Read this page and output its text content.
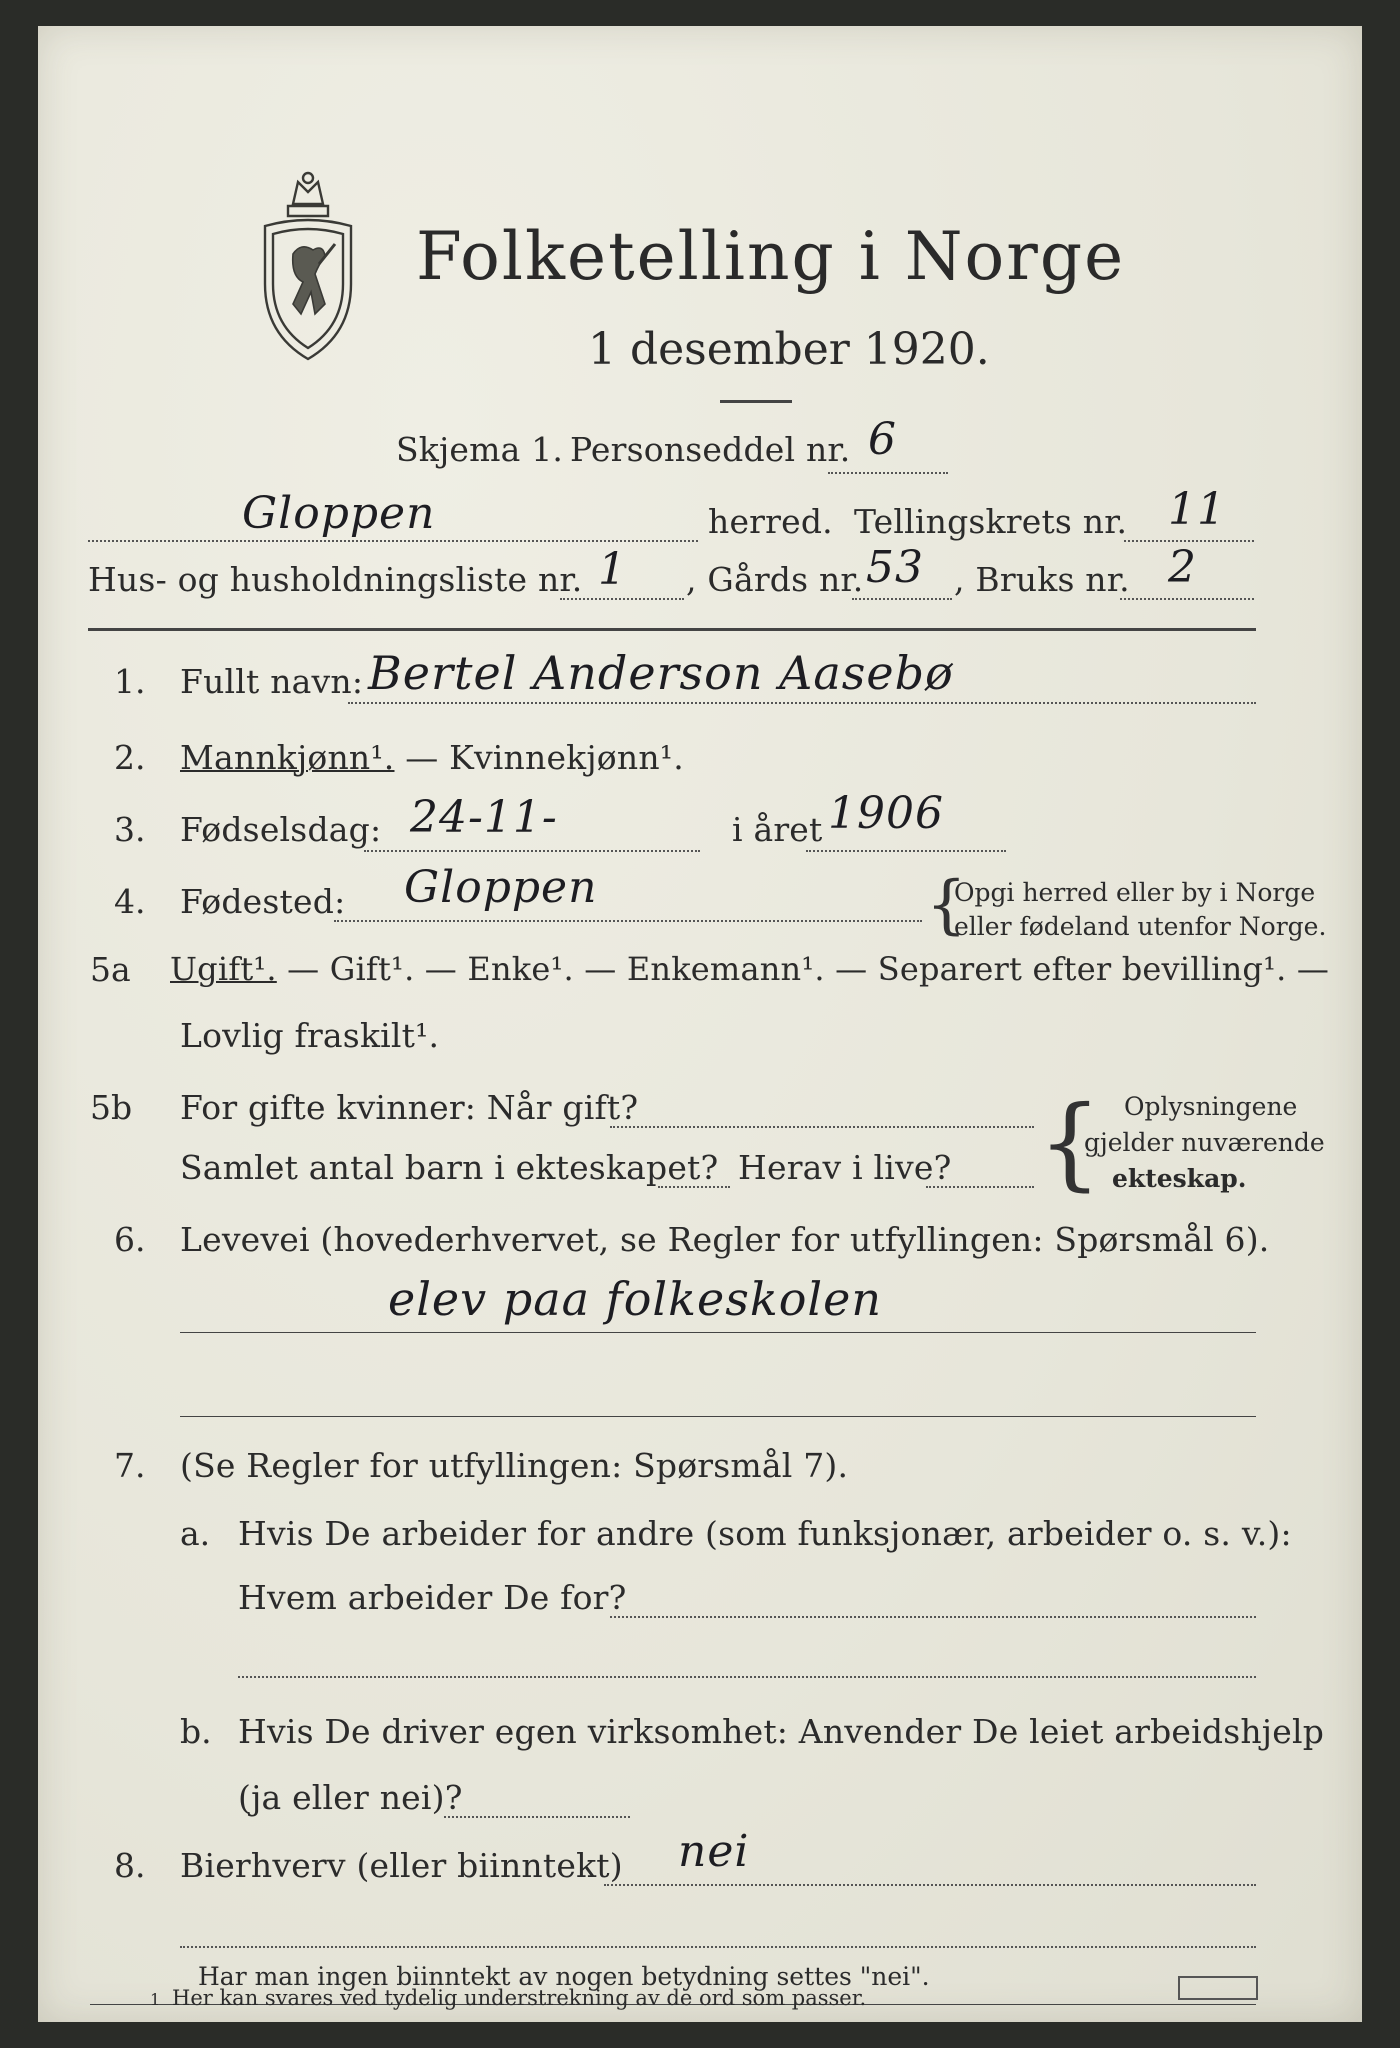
Folketelling i Norge
1 desember 1920.
Skjema 1. Personseddel nr. 6
Gloppen	herred. Tellingskrets nr. 11
Hus- og husholdningsliste nr. 1 , Gårds nr. 53 , Bruks nr. 2
1. Fullt navn: Bertel Anderson Aasebø
2. Mannkjønn¹. — Kvinnekjønn¹.
3. Fødselsdag: 24-11-	i året 1906
4. Fødested: Gloppen	{
Opgi herred eller by i Norge
eller fødeland utenfor Norge.
5a Ugift¹. — Gift¹. — Enke¹. — Enkemann¹. — Separert efter bevilling¹. —
Lovlig fraskilt¹.
5b For gifte kvinner: Når gift?
Samlet antal barn i ekteskapet? Herav i live? { Oplysningene
gjelder nuværende
ekteskap.
6. Levevei (hovederhvervet, se Regler for utfyllingen: Spørsmål 6).
elev paa folkeskolen
7. (Se Regler for utfyllingen: Spørsmål 7).
a. Hvis De arbeider for andre (som funksjonær, arbeider o. s. v.):
Hvem arbeider De for?
b. Hvis De driver egen virksomhet: Anvender De leiet arbeidshjelp
(ja eller nei)?
8. Bierhverv (eller biinntekt) nei
Har man ingen biinntekt av nogen betydning settes "nei".
1 Her kan svares ved tydelig understrekning av de ord som passer.
